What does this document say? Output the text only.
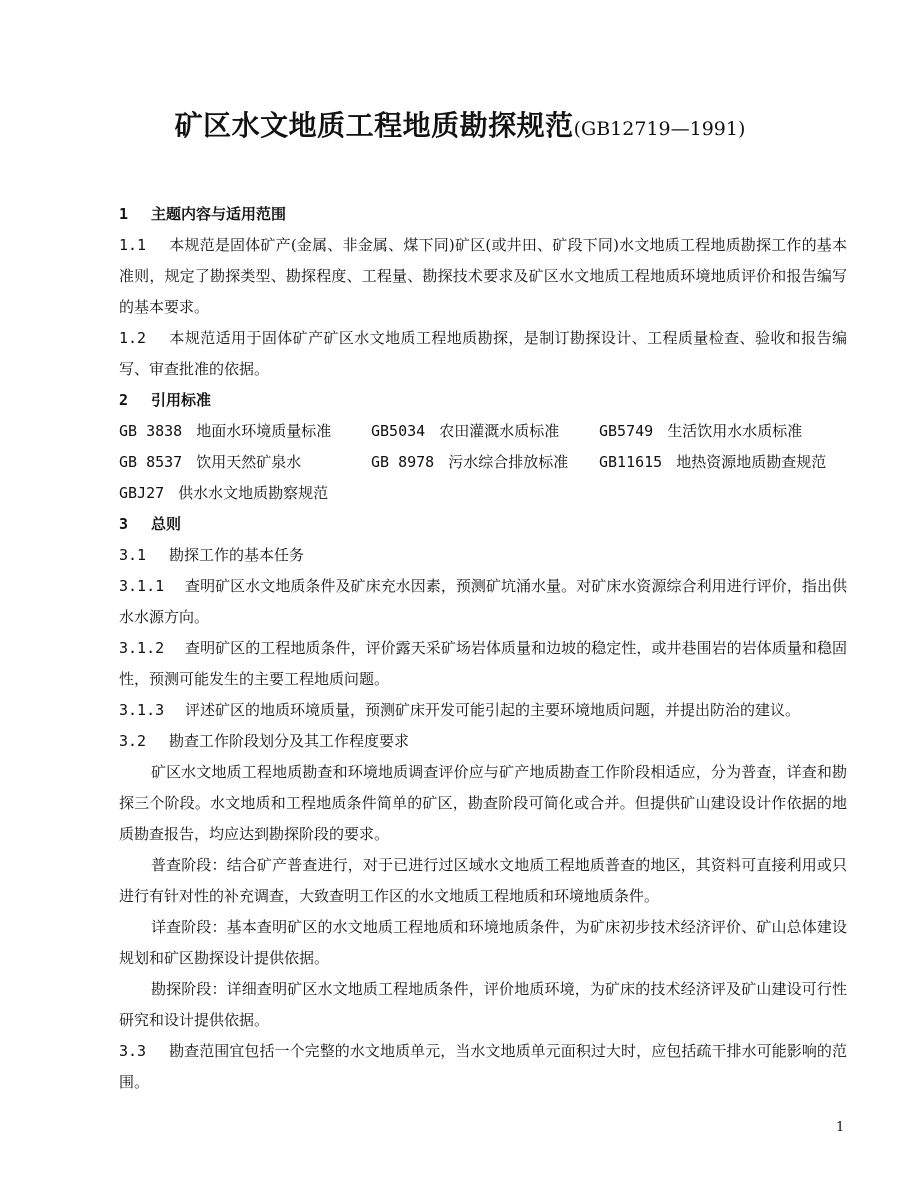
矿区水文地质工程地质勘探规范(GB12719—1991)
1 主题内容与适用范围
1.1 本规范是固体矿产(金属、非金属、煤下同)矿区(或井田、矿段下同)水文地质工程地质勘探工作的基本准则，规定了勘探类型、勘探程度、工程量、勘探技术要求及矿区水文地质工程地质环境地质评价和报告编写的基本要求。
1.2 本规范适用于固体矿产矿区水文地质工程地质勘探，是制订勘探设计、工程质量检查、验收和报告编写、审查批准的依据。
2 引用标准
GB 3838 地面水环境质量标准	GB5034 农田灌溉水质标准	GB5749 生活饮用水水质标准
GB 8537 饮用天然矿泉水	GB 8978 污水综合排放标准	GB11615 地热资源地质勘查规范
GBJ27 供水水文地质勘察规范
3 总则
3.1 勘探工作的基本任务
3.1.1 查明矿区水文地质条件及矿床充水因素，预测矿坑涌水量。对矿床水资源综合利用进行评价，指出供水水源方向。
3.1.2 查明矿区的工程地质条件，评价露天采矿场岩体质量和边坡的稳定性，或井巷围岩的岩体质量和稳固性，预测可能发生的主要工程地质问题。
3.1.3 评述矿区的地质环境质量，预测矿床开发可能引起的主要环境地质问题，并提出防治的建议。
3.2 勘查工作阶段划分及其工作程度要求
矿区水文地质工程地质勘查和环境地质调查评价应与矿产地质勘查工作阶段相适应，分为普查，详查和勘探三个阶段。水文地质和工程地质条件简单的矿区，勘查阶段可简化或合并。但提供矿山建设设计作依据的地质勘查报告，均应达到勘探阶段的要求。
普查阶段：结合矿产普查进行，对于已进行过区域水文地质工程地质普查的地区，其资料可直接利用或只进行有针对性的补充调查，大致查明工作区的水文地质工程地质和环境地质条件。
详查阶段：基本查明矿区的水文地质工程地质和环境地质条件，为矿床初步技术经济评价、矿山总体建设规划和矿区勘探设计提供依据。
勘探阶段：详细查明矿区水文地质工程地质条件，评价地质环境，为矿床的技术经济评及矿山建设可行性研究和设计提供依据。
3.3 勘查范围宜包括一个完整的水文地质单元，当水文地质单元面积过大时，应包括疏干排水可能影响的范围。
1
